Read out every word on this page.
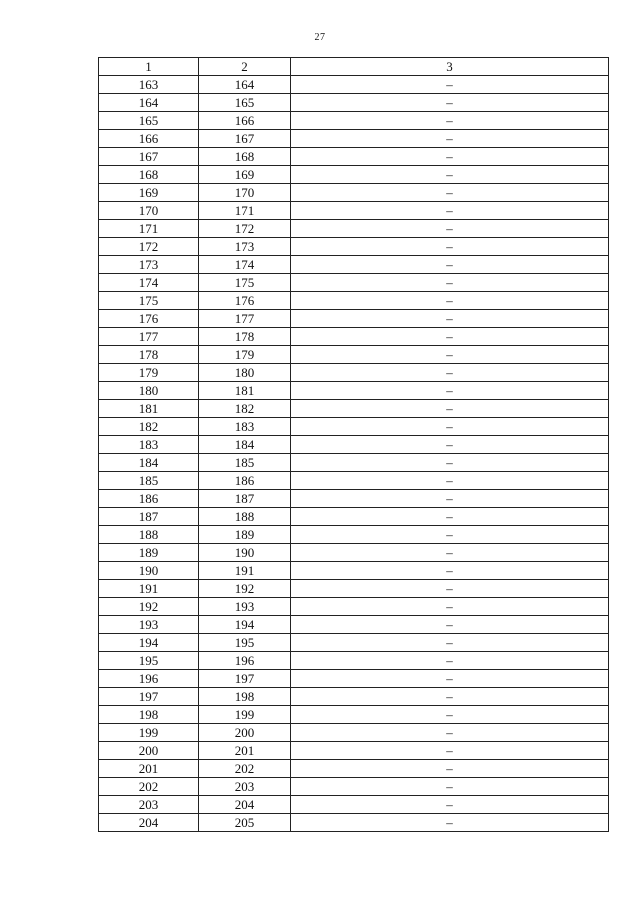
27
1	2	3
163	164	–
164	165	–
165	166	–
166	167	–
167	168	–
168	169	–
169	170	–
170	171	–
171	172	–
172	173	–
173	174	–
174	175	–
175	176	–
176	177	–
177	178	–
178	179	–
179	180	–
180	181	–
181	182	–
182	183	–
183	184	–
184	185	–
185	186	–
186	187	–
187	188	–
188	189	–
189	190	–
190	191	–
191	192	–
192	193	–
193	194	–
194	195	–
195	196	–
196	197	–
197	198	–
198	199	–
199	200	–
200	201	–
201	202	–
202	203	–
203	204	–
204	205	–
